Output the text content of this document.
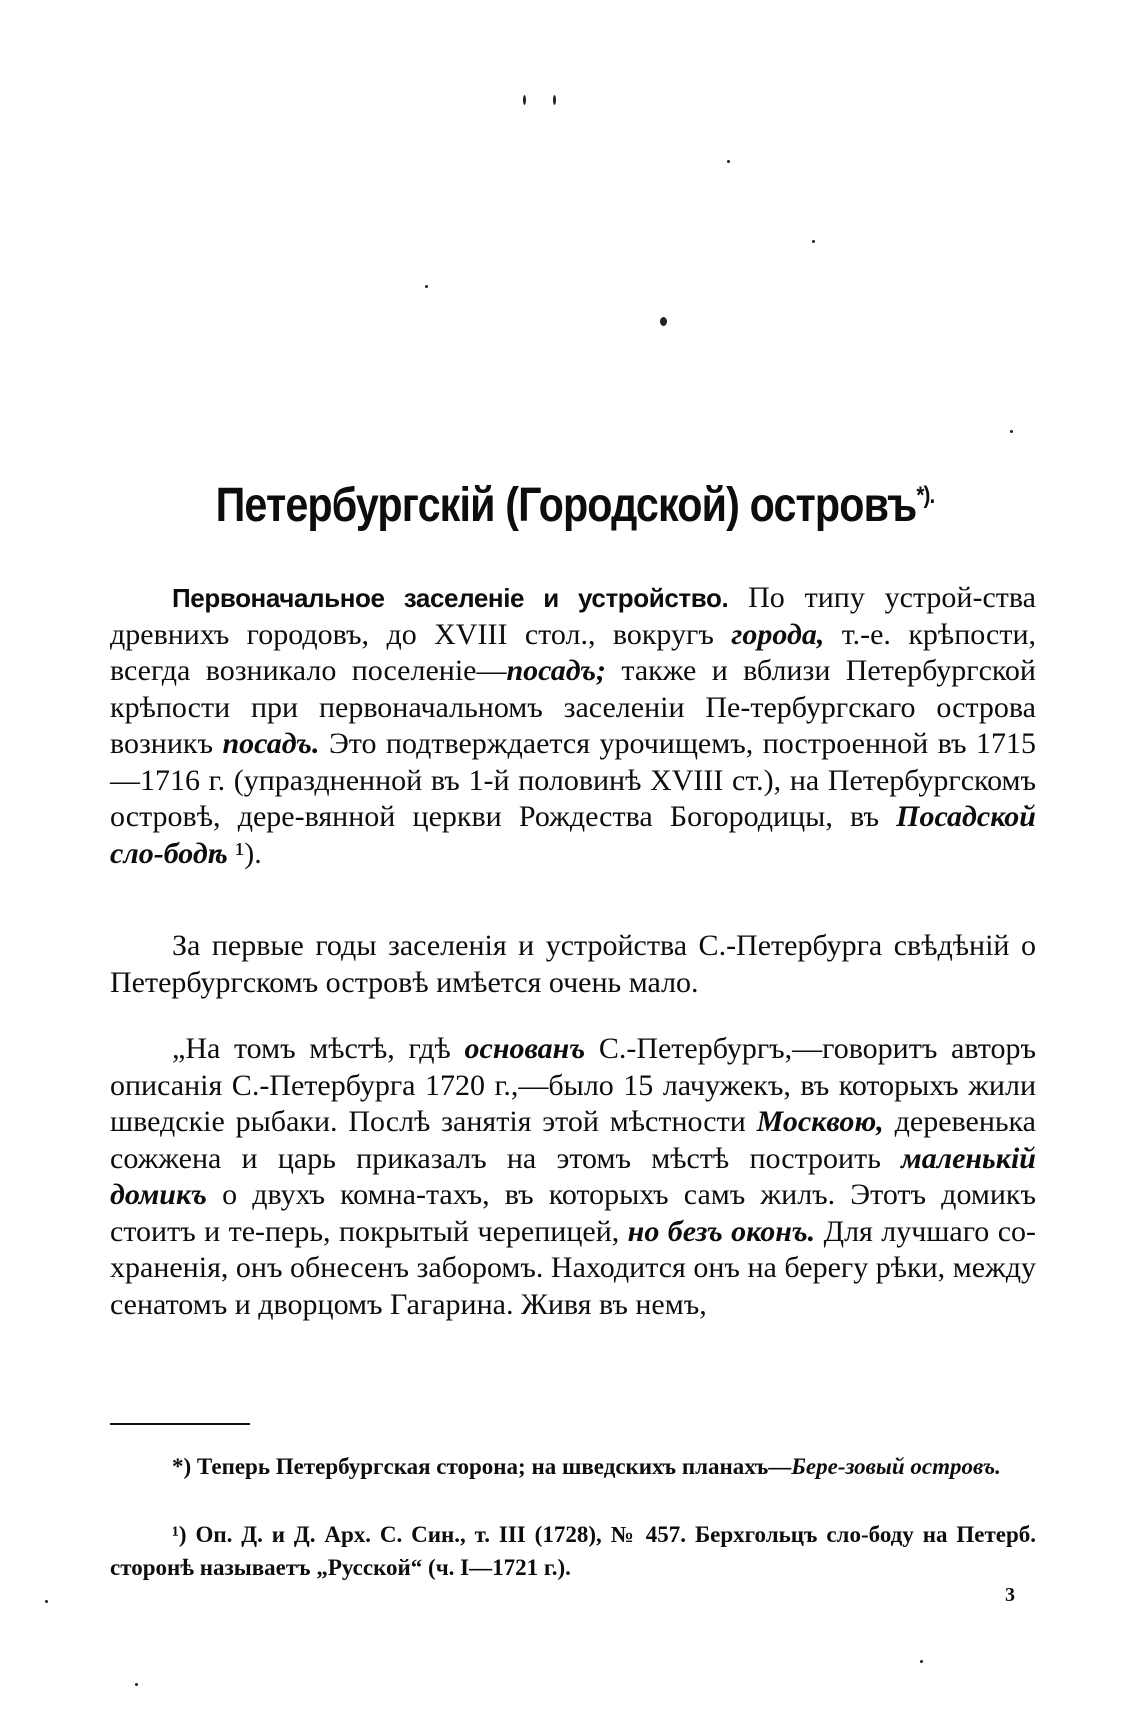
Петербургскій (Городской) островъ*).

Первоначальное заселеніе и устройство. По типу устрой-ства древнихъ городовъ, до XVIII стол., вокругъ города, т.-е. крѣпости, всегда возникало поселеніе—посадъ; также и вблизи Петербургской крѣпости при первоначальномъ заселеніи Пе-тербургскаго острова возникъ посадъ. Это подтверждается урочищемъ, построенной въ 1715—1716 г. (упраздненной въ 1-й половинѣ XVIII ст.), на Петербургскомъ островѣ, дере-вянной церкви Рождества Богородицы, въ Посадской сло-бодѣ ¹).

За первые годы заселенія и устройства С.-Петербурга свѣдѣній о Петербургскомъ островѣ имѣется очень мало.

„На томъ мѣстѣ, гдѣ основанъ С.-Петербургъ,—говоритъ авторъ описанія С.-Петербурга 1720 г.,—было 15 лачужекъ, въ которыхъ жили шведскіе рыбаки. Послѣ занятія этой мѣстности Москвою, деревенька сожжена и царь приказалъ на этомъ мѣстѣ построить маленькій домикъ о двухъ комна-тахъ, въ которыхъ самъ жилъ. Этотъ домикъ стоитъ и те-перь, покрытый черепицей, но безъ оконъ. Для лучшаго со-храненія, онъ обнесенъ заборомъ. Находится онъ на берегу рѣки, между сенатомъ и дворцомъ Гагарина. Живя въ немъ,

*) Теперь Петербургская сторона; на шведскихъ планахъ—Бере-зовый островъ.

¹) Оп. Д. и Д. Арх. С. Син., т. III (1728), № 457. Берхгольцъ сло-боду на Петерб. сторонѣ называетъ „Русской“ (ч. I—1721 г.).

3
